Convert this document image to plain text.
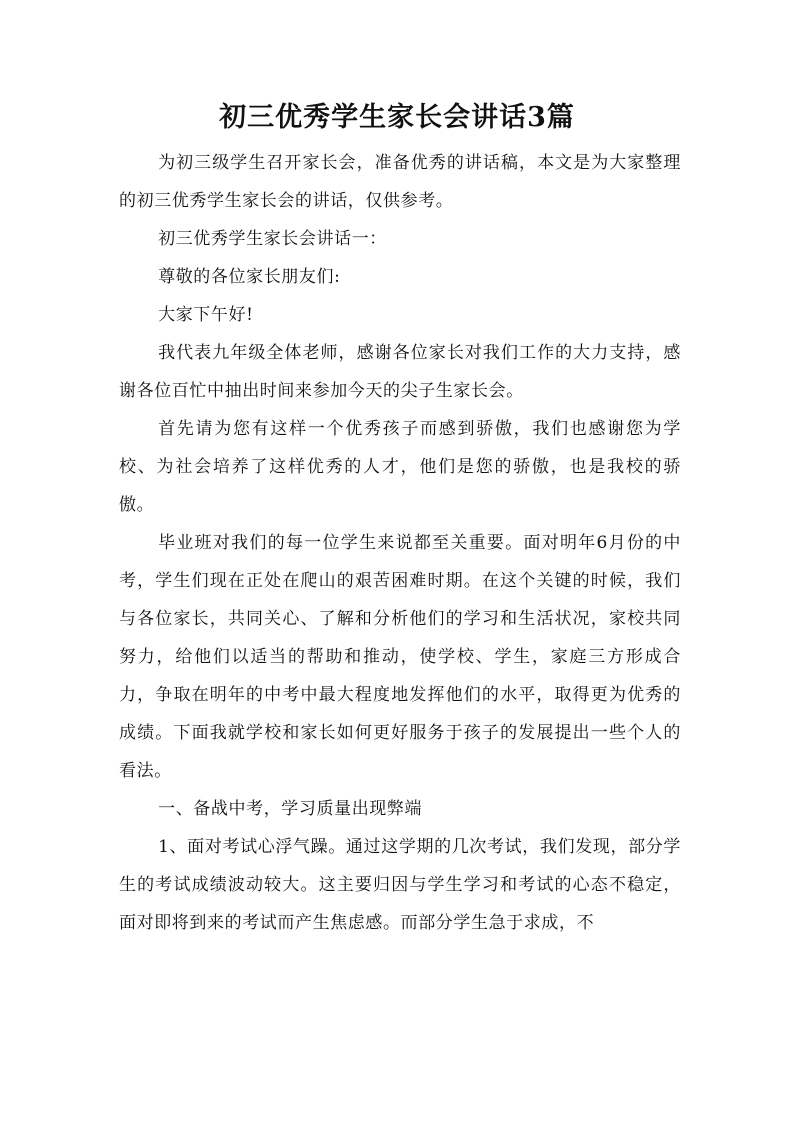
初三优秀学生家长会讲话3篇

为初三级学生召开家长会，准备优秀的讲话稿，本文是为大家整理的初三优秀学生家长会的讲话，仅供参考。

初三优秀学生家长会讲话一：

尊敬的各位家长朋友们:

大家下午好!

我代表九年级全体老师，感谢各位家长对我们工作的大力支持，感谢各位百忙中抽出时间来参加今天的尖子生家长会。

首先请为您有这样一个优秀孩子而感到骄傲，我们也感谢您为学校、为社会培养了这样优秀的人才，他们是您的骄傲，也是我校的骄傲。

毕业班对我们的每一位学生来说都至关重要。面对明年6月份的中考，学生们现在正处在爬山的艰苦困难时期。在这个关键的时候，我们与各位家长，共同关心、了解和分析他们的学习和生活状况，家校共同努力，给他们以适当的帮助和推动，使学校、学生，家庭三方形成合力，争取在明年的中考中最大程度地发挥他们的水平，取得更为优秀的成绩。下面我就学校和家长如何更好服务于孩子的发展提出一些个人的看法。

一、备战中考，学习质量出现弊端

1、面对考试心浮气躁。通过这学期的几次考试，我们发现，部分学生的考试成绩波动较大。这主要归因与学生学习和考试的心态不稳定，面对即将到来的考试而产生焦虑感。而部分学生急于求成，不
